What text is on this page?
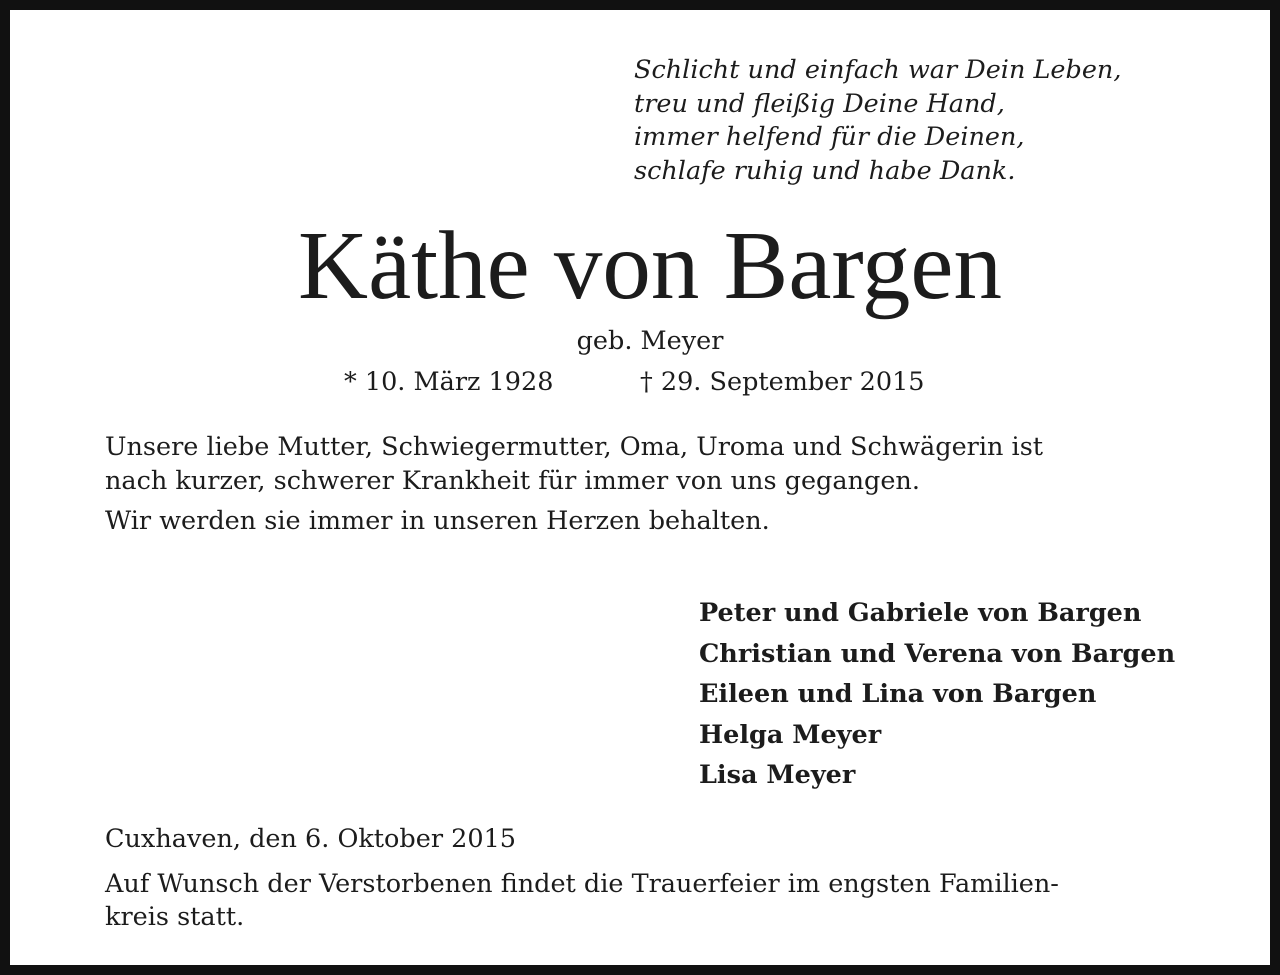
Schlicht und einfach war Dein Leben,
treu und fleißig Deine Hand,
immer helfend für die Deinen,
schlafe ruhig und habe Dank.
Käthe von Bargen
geb. Meyer
* 10. März 1928	† 29. September 2015
Unsere liebe Mutter, Schwiegermutter, Oma, Uroma und Schwägerin ist
nach kurzer, schwerer Krankheit für immer von uns gegangen.
Wir werden sie immer in unseren Herzen behalten.
Peter und Gabriele von Bargen
Christian und Verena von Bargen
Eileen und Lina von Bargen
Helga Meyer
Lisa Meyer
Cuxhaven, den 6. Oktober 2015
Auf Wunsch der Verstorbenen findet die Trauerfeier im engsten Familien-
kreis statt.
